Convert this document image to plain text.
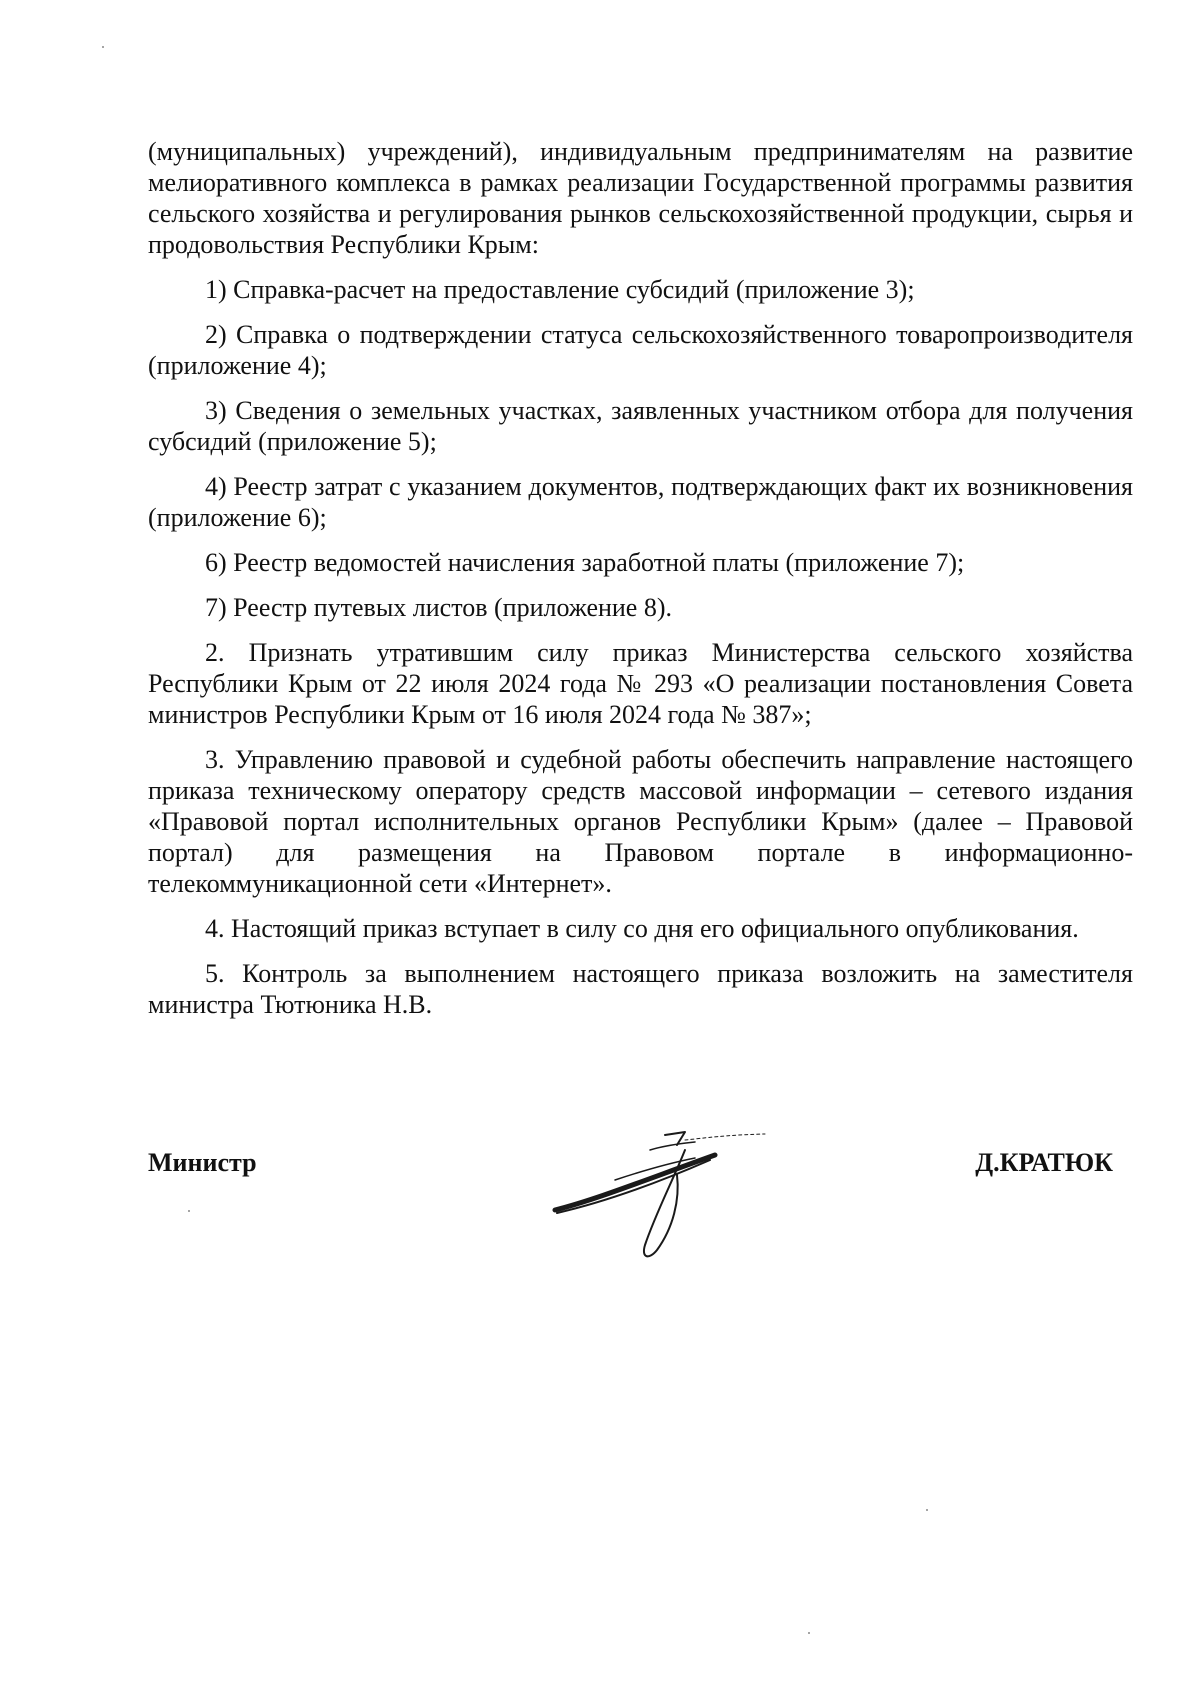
(муниципальных) учреждений), индивидуальным предпринимателям на развитие мелиоративного комплекса в рамках реализации Государственной программы развития сельского хозяйства и регулирования рынков сельскохозяйственной продукции, сырья и продовольствия Республики Крым:

1) Справка-расчет на предоставление субсидий (приложение 3);

2) Справка о подтверждении статуса сельскохозяйственного товаропроизводителя (приложение 4);

3) Сведения о земельных участках, заявленных участником отбора для получения субсидий (приложение 5);

4) Реестр затрат с указанием документов, подтверждающих факт их возникновения (приложение 6);

6) Реестр ведомостей начисления заработной платы (приложение 7);

7) Реестр путевых листов (приложение 8).

2. Признать утратившим силу приказ Министерства сельского хозяйства Республики Крым от 22 июля 2024 года № 293 «О реализации постановления Совета министров Республики Крым от 16 июля 2024 года № 387»;

3. Управлению правовой и судебной работы обеспечить направление настоящего приказа техническому оператору средств массовой информации – сетевого издания «Правовой портал исполнительных органов Республики Крым» (далее – Правовой портал) для размещения на Правовом портале в информационно-телекоммуникационной сети «Интернет».

4. Настоящий приказ вступает в силу со дня его официального опубликования.

5. Контроль за выполнением настоящего приказа возложить на заместителя министра Тютюника Н.В.

Министр	Д.КРАТЮК
